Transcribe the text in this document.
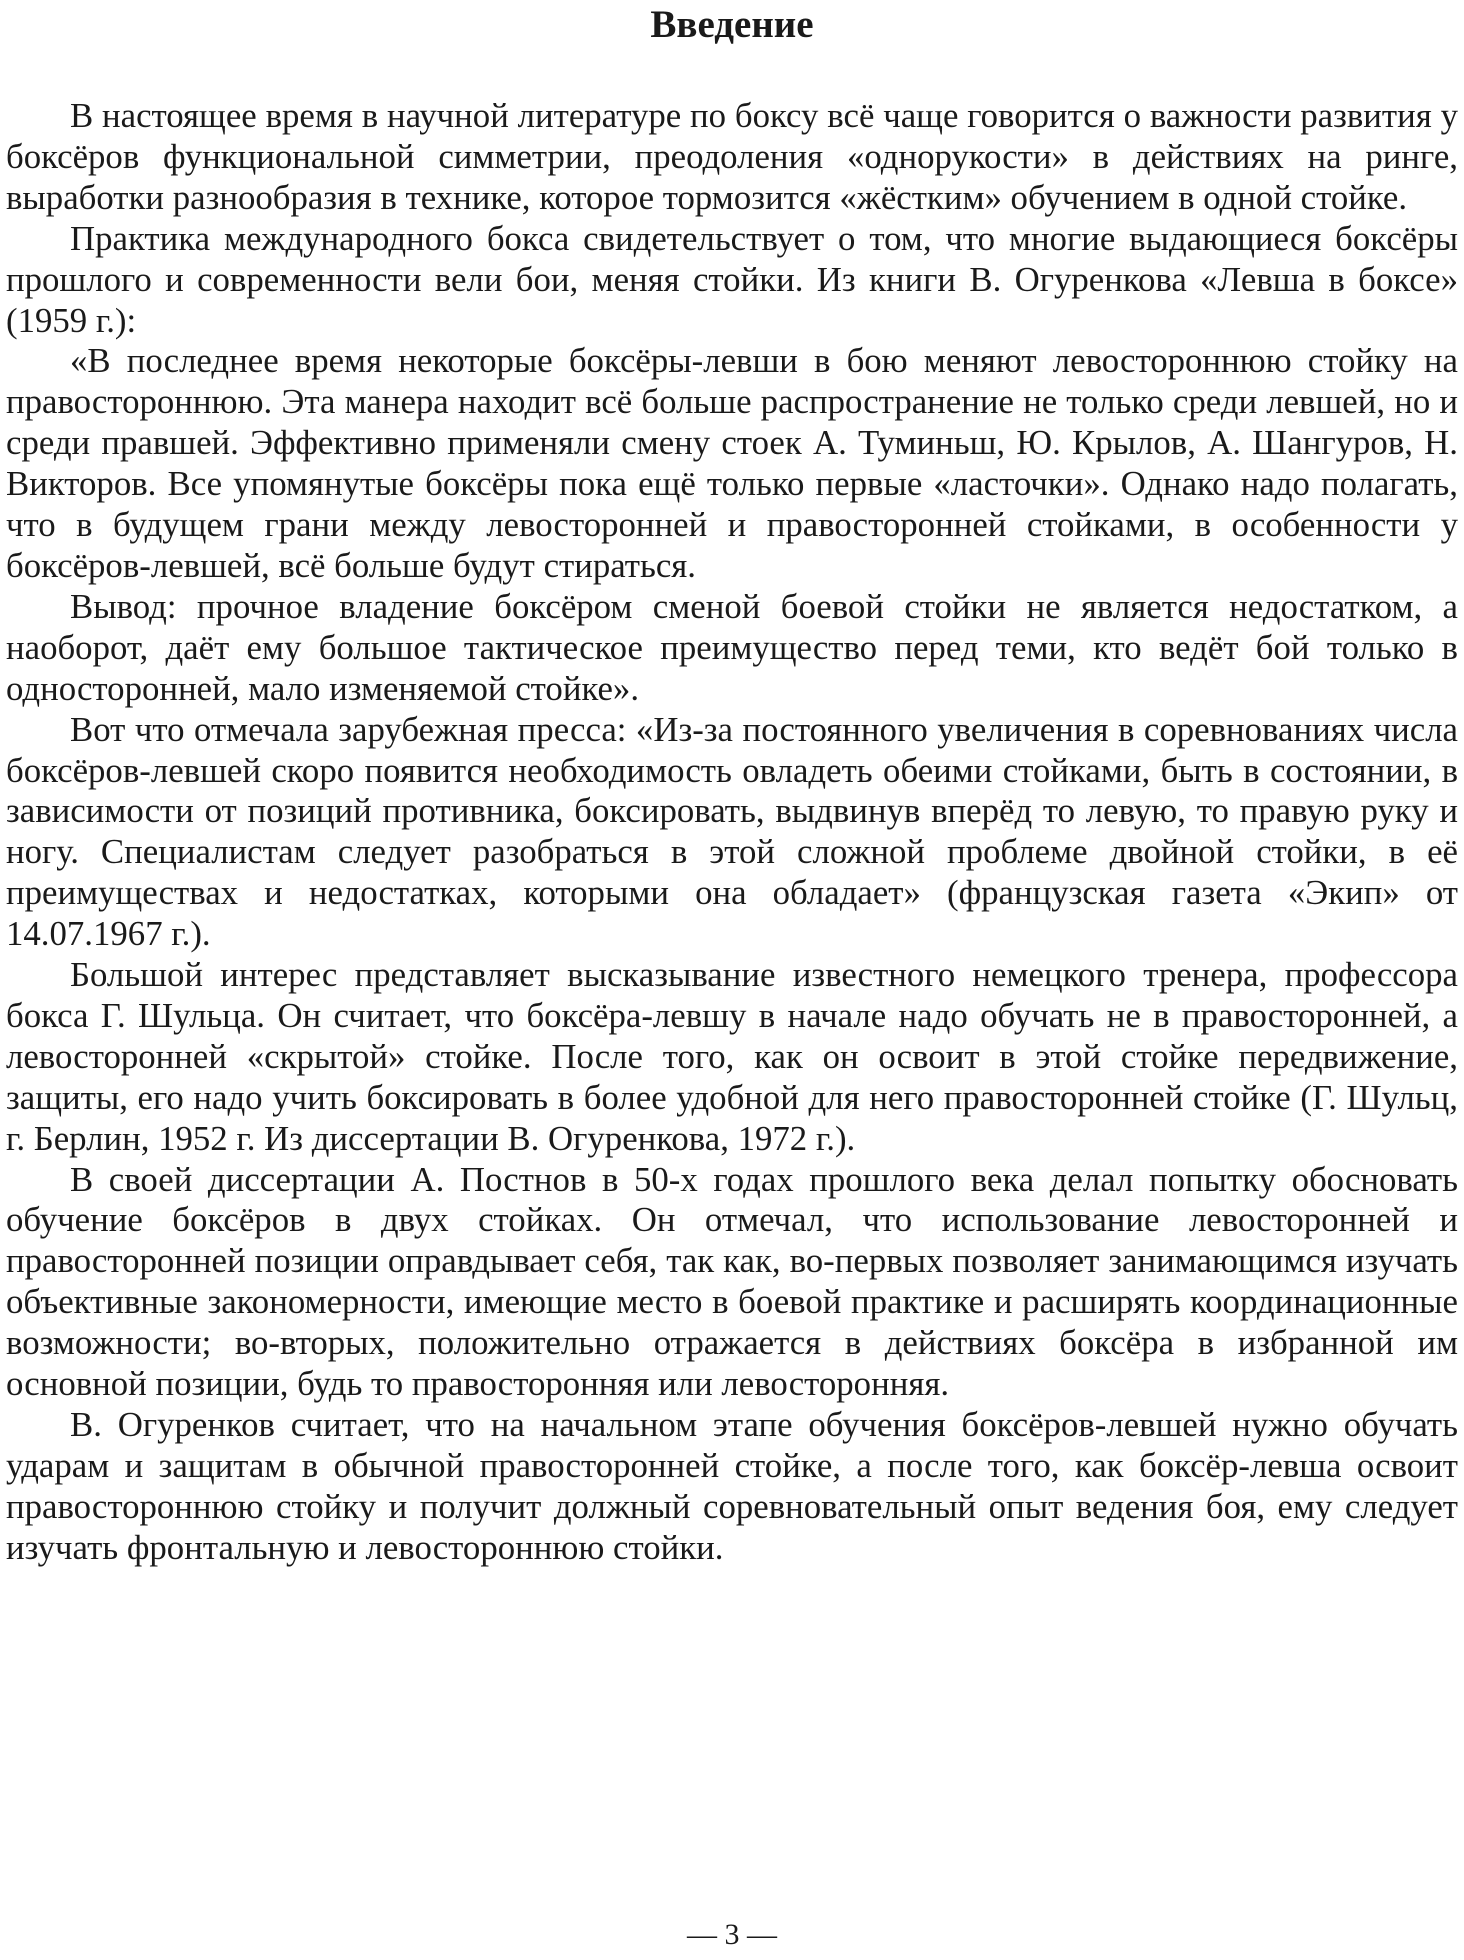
Введение

В настоящее время в научной литературе по боксу всё чаще говорится о важности развития у боксёров функциональной симметрии, преодоления «однорукости» в действиях на ринге, выработки разнообразия в технике, которое тормозится «жёстким» обучением в одной стойке.

Практика международного бокса свидетельствует о том, что многие выдающиеся боксёры прошлого и современности вели бои, меняя стойки. Из книги В. Огуренкова «Левша в боксе» (1959 г.):

«В последнее время некоторые боксёры-левши в бою меняют левостороннюю стойку на правостороннюю. Эта манера находит всё больше распространение не только среди левшей, но и среди правшей. Эффективно применяли смену стоек А. Туминьш, Ю. Крылов, А. Шангуров, Н. Викторов. Все упомянутые боксёры пока ещё только первые «ласточки». Однако надо полагать, что в будущем грани между левосторонней и правосторонней стойками, в особенности у боксёров-левшей, всё больше будут стираться.

Вывод: прочное владение боксёром сменой боевой стойки не является недостатком, а наоборот, даёт ему большое тактическое преимущество перед теми, кто ведёт бой только в односторонней, мало изменяемой стойке».

Вот что отмечала зарубежная пресса: «Из-за постоянного увеличения в соревнованиях числа боксёров-левшей скоро появится необходимость овладеть обеими стойками, быть в состоянии, в зависимости от позиций противника, боксировать, выдвинув вперёд то левую, то правую руку и ногу. Специалистам следует разобраться в этой сложной проблеме двойной стойки, в её преимуществах и недостатках, которыми она обладает» (французская газета «Экип» от 14.07.1967 г.).

Большой интерес представляет высказывание известного немецкого тренера, профессора бокса Г. Шульца. Он считает, что боксёра-левшу в начале надо обучать не в правосторонней, а левосторонней «скрытой» стойке. После того, как он освоит в этой стойке передвижение, защиты, его надо учить боксировать в более удобной для него правосторонней стойке (Г. Шульц, г. Берлин, 1952 г. Из диссертации В. Огуренкова, 1972 г.).

В своей диссертации А. Постнов в 50-х годах прошлого века делал попытку обосновать обучение боксёров в двух стойках. Он отмечал, что использование левосторонней и правосторонней позиции оправдывает себя, так как, во-первых позволяет занимающимся изучать объективные закономерности, имеющие место в боевой практике и расширять координационные возможности; во-вторых, положительно отражается в действиях боксёра в избранной им основной позиции, будь то правосторонняя или левосторонняя.

В. Огуренков считает, что на начальном этапе обучения боксёров-левшей нужно обучать ударам и защитам в обычной правосторонней стойке, а после того, как боксёр-левша освоит правостороннюю стойку и получит должный соревновательный опыт ведения боя, ему следует изучать фронтальную и левостороннюю стойки.

— 3 —
